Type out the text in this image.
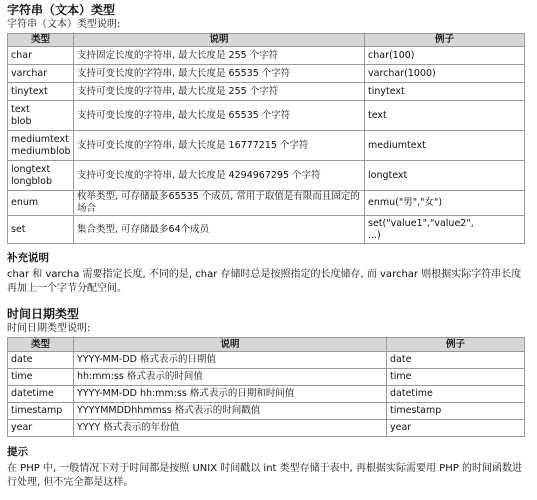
字符串（文本）类型

字符串（文本）类型说明:

类型	说明	例子
char	支持固定长度的字符串, 最大长度是 255 个字符	char(100)
varchar	支持可变长度的字符串, 最大长度是 65535 个字符	varchar(1000)
tinytext	支持可变长度的字符串, 最大长度是 255 个字符	tinytext
text
blob	支持可变长度的字符串, 最大长度是 65535 个字符	text
mediumtext
mediumblob	支持可变长度的字符串, 最大长度是 16777215 个字符	mediumtext
longtext
longblob	支持可变长度的字符串, 最大长度是 4294967295 个字符	longtext
enum	枚举类型, 可存储最多65535 个成员, 常用于取值是有限而且固定的场合	enmu("男","女")
set	集合类型, 可存储最多64个成员	set("value1","value2",
...)
补充说明

char 和 varcha 需要指定长度, 不同的是, char 存储时总是按照指定的长度储存, 而 varchar 则根据实际字符串长度再加上一个字节分配空间。

时间日期类型

时间日期类型说明:

类型	说明	例子
date	YYYY-MM-DD 格式表示的日期值	date
time	hh:mm:ss 格式表示的时间值	time
datetime	YYYY-MM-DD hh:mm:ss 格式表示的日期和时间值	datetime
timestamp	YYYYMMDDhhmmss 格式表示的时间戳值	timestamp
year	YYYY 格式表示的年份值	year
提示

在 PHP 中, 一般情况下对于时间都是按照 UNIX 时间戳以 int 类型存储于表中, 再根据实际需要用 PHP 的时间函数进行处理, 但不完全都是这样。
